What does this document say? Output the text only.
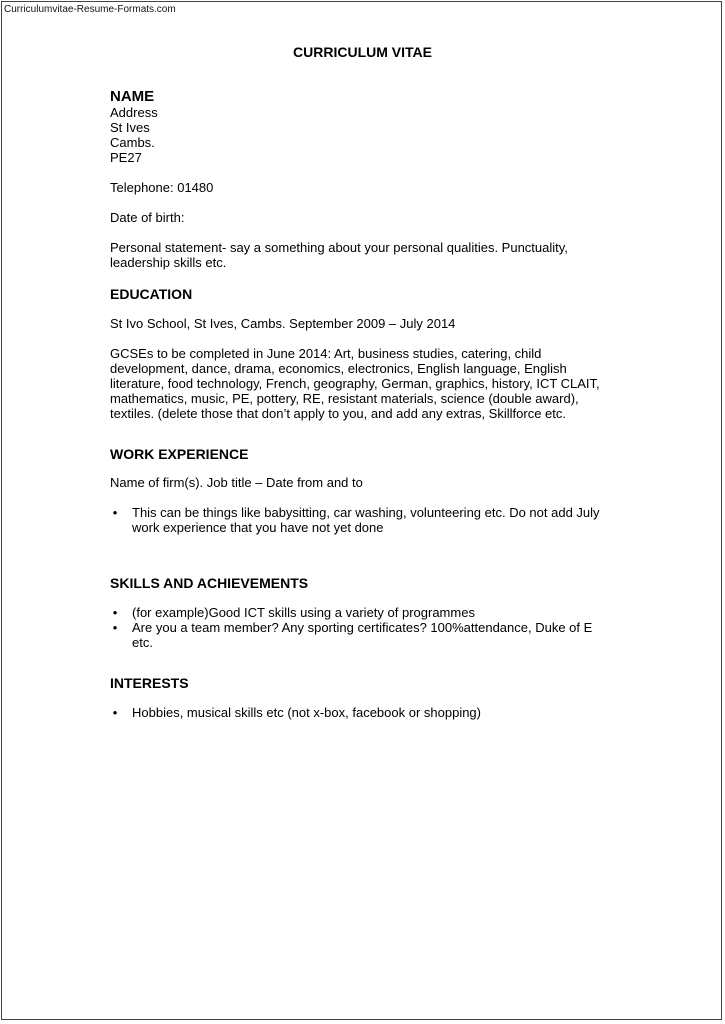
Curriculumvitae-Resume-Formats.com
CURRICULUM VITAE

NAME

Address

St Ives

Cambs.

PE27

Telephone: 01480

Date of birth:

Personal statement- say a something about your personal qualities. Punctuality, leadership skills etc.

EDUCATION

St Ivo School, St Ives, Cambs. September 2009 – July 2014

GCSEs to be completed in June 2014: Art, business studies, catering, child development, dance, drama, economics, electronics, English language, English literature, food technology, French, geography, German, graphics, history, ICT CLAIT, mathematics, music, PE, pottery, RE, resistant materials, science (double award), textiles. (delete those that don’t apply to you, and add any extras, Skillforce etc.

WORK EXPERIENCE

Name of firm(s). Job title – Date from and to

• This can be things like babysitting, car washing, volunteering etc. Do not add July work experience that you have not yet done

SKILLS AND ACHIEVEMENTS

• (for example)Good ICT skills using a variety of programmes
• Are you a team member? Any sporting certificates? 100%attendance, Duke of E etc.

INTERESTS

• Hobbies, musical skills etc (not x-box, facebook or shopping)
